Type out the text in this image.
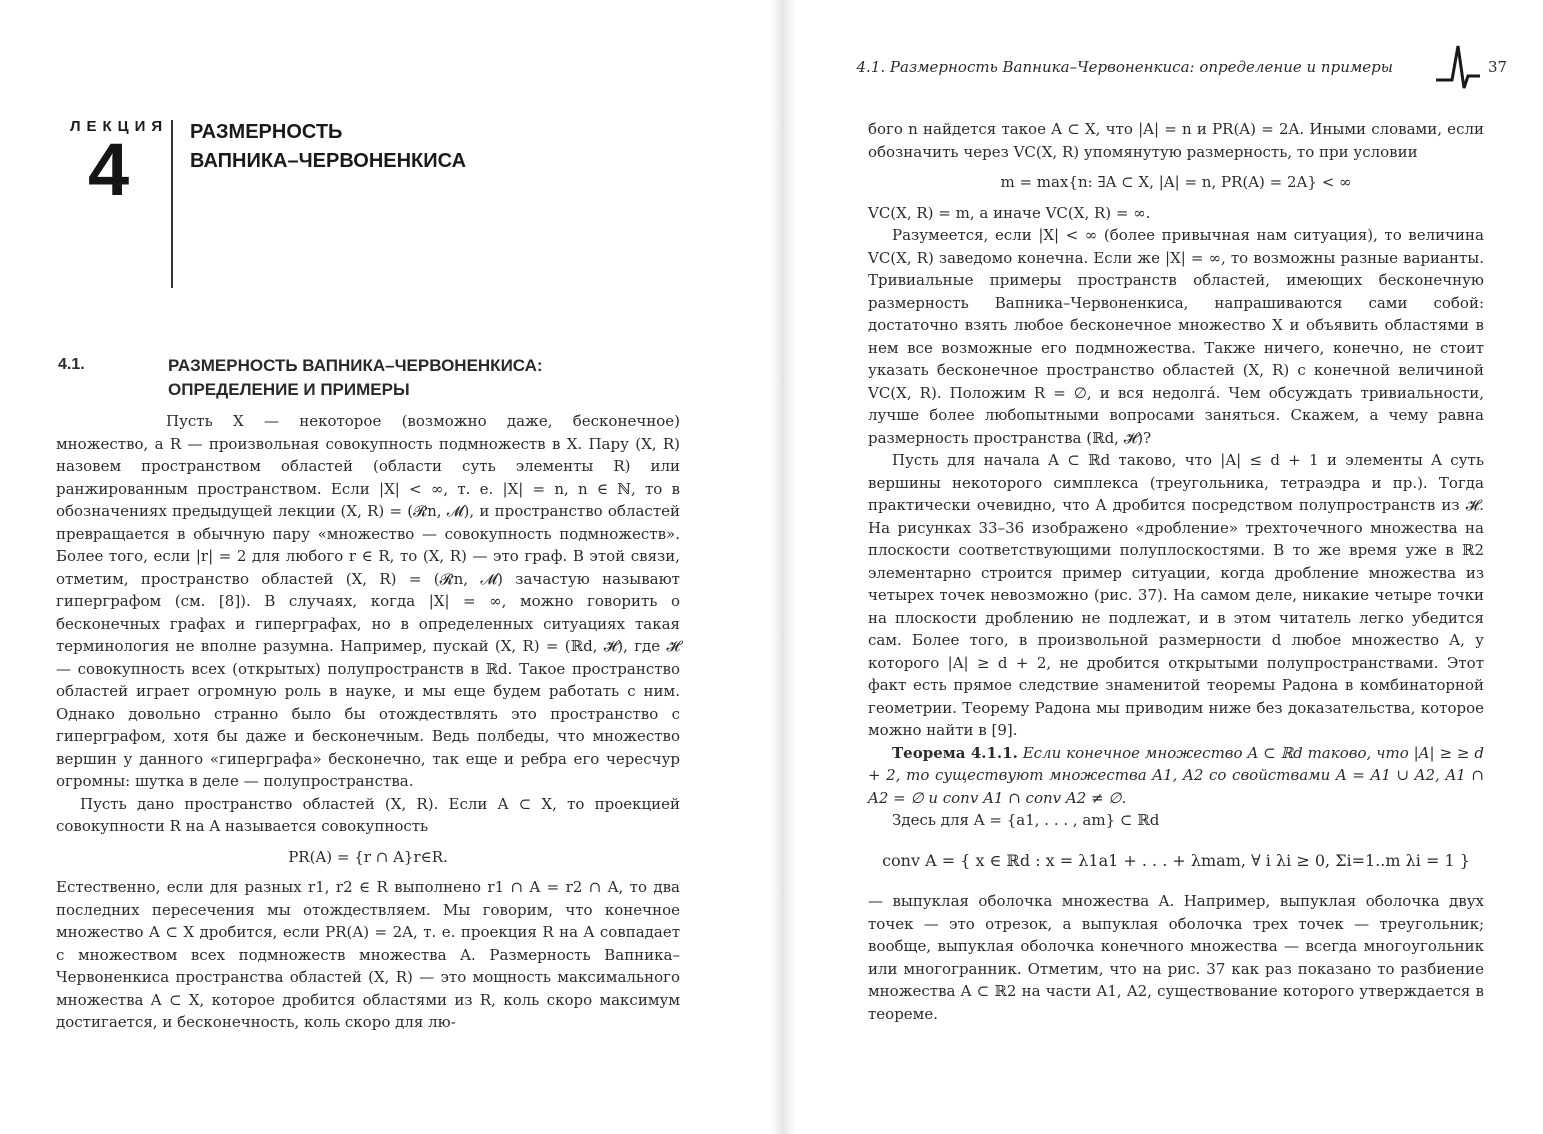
ЛЕКЦИЯ
4	РАЗМЕРНОСТЬ
ВАПНИКА–ЧЕРВОНЕНКИСА
4.1.	РАЗМЕРНОСТЬ ВАПНИКА–ЧЕРВОНЕНКИСА:
ОПРЕДЕЛЕНИЕ И ПРИМЕРЫ

Пусть X — некоторое (возможно даже, бесконечное) множество, а R — произвольная совокупность подмножеств в X. Пару (X, R) назовем пространством областей (области суть элементы R) или ранжированным пространством. Если |X| < ∞, т. е. |X| = n, n ∈ ℕ, то в обозначениях предыдущей лекции (X, R) = (𝓡n, 𝓜), и пространство областей превращается в обычную пару «множество — совокупность подмножеств». Более того, если |r| = 2 для любого r ∈ R, то (X, R) — это граф. В этой связи, отметим, пространство областей (X, R) = (𝓡n, 𝓜) зачастую называют гиперграфом (см. [8]). В случаях, когда |X| = ∞, можно говорить о бесконечных графах и гиперграфах, но в определенных ситуациях такая терминология не вполне разумна. Например, пускай (X, R) = (ℝd, 𝓗), где 𝓗 — совокупность всех (открытых) полупространств в ℝd. Такое пространство областей играет огромную роль в науке, и мы еще будем работать с ним. Однако довольно странно было бы отождествлять это пространство с гиперграфом, хотя бы даже и бесконечным. Ведь полбеды, что множество вершин у данного «гиперграфа» бесконечно, так еще и ребра его чересчур огромны: шутка в деле — полупространства.

Пусть дано пространство областей (X, R). Если A ⊂ X, то проекцией совокупности R на A называется совокупность

PR(A) = {r ∩ A}r∈R.

Естественно, если для разных r1, r2 ∈ R выполнено r1 ∩ A = r2 ∩ A, то два последних пересечения мы отождествляем. Мы говорим, что конечное множество A ⊂ X дробится, если PR(A) = 2A, т. е. проекция R на A совпадает с множеством всех подмножеств множества A. Размерность Вапника–Червоненкиса пространства областей (X, R) — это мощность максимального множества A ⊂ X, которое дробится областями из R, коль скоро максимум достигается, и бесконечность, коль скоро для лю-

4.1. Размерность Вапника–Червоненкиса: определение и примеры	37

бого n найдется такое A ⊂ X, что |A| = n и PR(A) = 2A. Иными словами, если обозначить через VC(X, R) упомянутую размерность, то при условии

m = max{n: ∃A ⊂ X, |A| = n, PR(A) = 2A} < ∞

VC(X, R) = m, а иначе VC(X, R) = ∞.

Разумеется, если |X| < ∞ (более привычная нам ситуация), то величина VC(X, R) заведомо конечна. Если же |X| = ∞, то возможны разные варианты. Тривиальные примеры пространств областей, имеющих бесконечную размерность Вапника–Червоненкиса, напрашиваются сами собой: достаточно взять любое бесконечное множество X и объявить областями в нем все возможные его подмножества. Также ничего, конечно, не стоит указать бесконечное пространство областей (X, R) с конечной величиной VC(X, R). Положим R = ∅, и вся недолга́. Чем обсуждать тривиальности, лучше более любопытными вопросами заняться. Скажем, а чему равна размерность пространства (ℝd, 𝓗)?

Пусть для начала A ⊂ ℝd таково, что |A| ≤ d + 1 и элементы A суть вершины некоторого симплекса (треугольника, тетраэдра и пр.). Тогда практически очевидно, что A дробится посредством полупространств из 𝓗. На рисунках 33–36 изображено «дробление» трехточечного множества на плоскости соответствующими полуплоскостями. В то же время уже в ℝ2 элементарно строится пример ситуации, когда дробление множества из четырех точек невозможно (рис. 37). На самом деле, никакие четыре точки на плоскости дроблению не подлежат, и в этом читатель легко убедится сам. Более того, в произвольной размерности d любое множество A, у которого |A| ≥ d + 2, не дробится открытыми полупространствами. Этот факт есть прямое следствие знаменитой теоремы Радона в комбинаторной геометрии. Теорему Радона мы приводим ниже без доказательства, которое можно найти в [9].

Теорема 4.1.1. Если конечное множество A ⊂ ℝd таково, что |A| ≥ ≥ d + 2, то существуют множества A1, A2 со свойствами A = A1 ∪ A2, A1 ∩ A2 = ∅ и conv A1 ∩ conv A2 ≠ ∅.

Здесь для A = {a1, . . . , am} ⊂ ℝd

conv A = { x ∈ ℝd : x = λ1a1 + . . . + λmam, ∀ i λi ≥ 0, Σi=1..m λi = 1 }

— выпуклая оболочка множества A. Например, выпуклая оболочка двух точек — это отрезок, а выпуклая оболочка трех точек — треугольник; вообще, выпуклая оболочка конечного множества — всегда многоугольник или многогранник. Отметим, что на рис. 37 как раз показано то разбиение множества A ⊂ ℝ2 на части A1, A2, существование которого утверждается в теореме.
